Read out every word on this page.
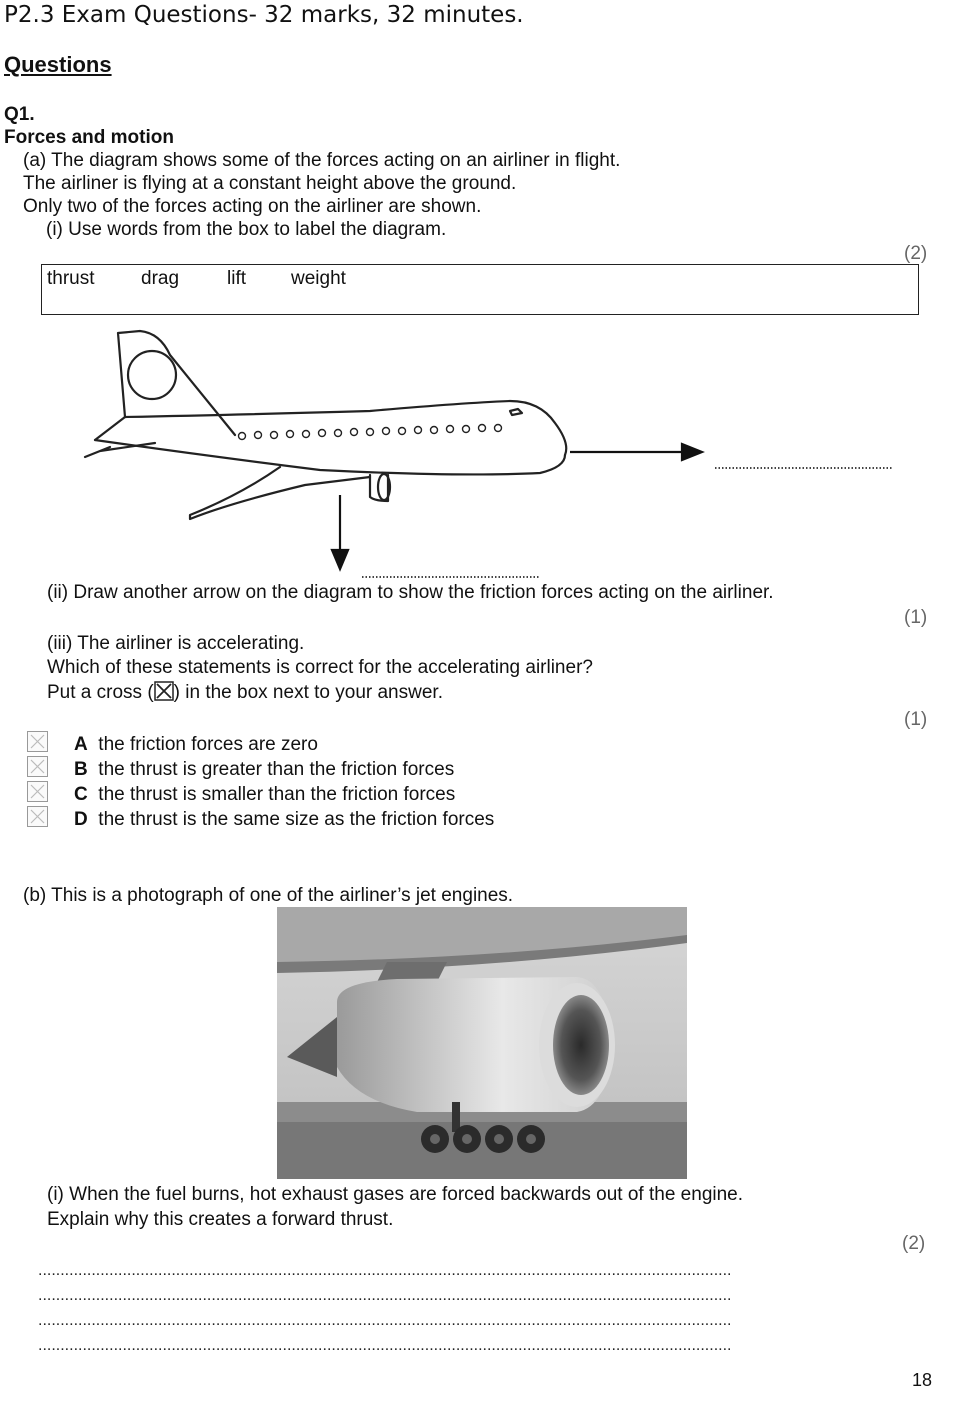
P2.3 Exam Questions- 32 marks, 32 minutes.
Questions
Q1.
Forces and motion
(a) The diagram shows some of the forces acting on an airliner in flight.
The airliner is flying at a constant height above the ground.
Only two of the forces acting on the airliner are shown.
(i) Use words from the box to label the diagram.
(2)
thrust drag	lift weight
(ii) Draw another arrow on the diagram to show the friction forces acting on the airliner.
(1)
(iii) The airliner is accelerating.
Which of these statements is correct for the accelerating airliner?
Put a cross (☒) in the box next to your answer.
(1)
A the friction forces are zero
B the thrust is greater than the friction forces
C the thrust is smaller than the friction forces
D the thrust is the same size as the friction forces
(b) This is a photograph of one of the airliner’s jet engines.
(i) When the fuel burns, hot exhaust gases are forced backwards out of the engine.
Explain why this creates a forward thrust.
(2)
............................................................................................................................................................
............................................................................................................................................................
............................................................................................................................................................
............................................................................................................................................................
18
